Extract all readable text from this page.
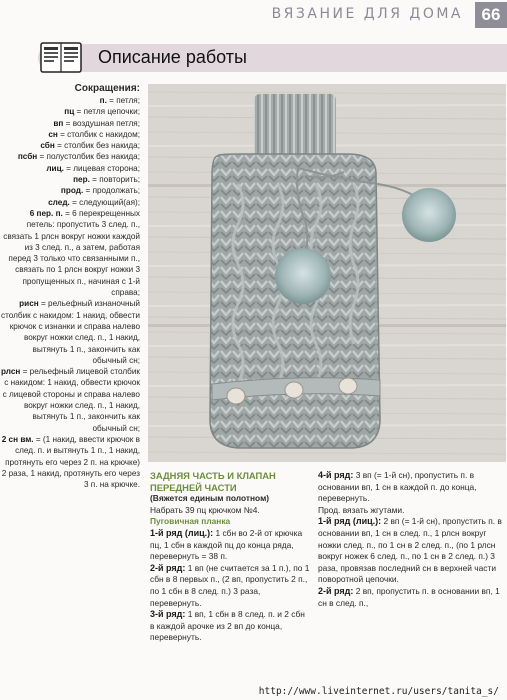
ВЯЗАНИЕ ДЛЯ ДОМА	66
Описание работы

Сокращения:

п. = петля;

пц = петля цепочки;

вп = воздушная петля;

сн = столбик с накидом;

сбн = столбик без накида;

псбн = полустолбик без накида;

лиц. = лицевая сторона;

пер. = повторить;

прод. = продолжать;

след. = следующий(ая);

6 пер. п. = 6 перекрещенных петель: пропустить 3 след. п., связать 1 рлсн вокруг ножки каждой из 3 след. п., а затем, работая перед 3 только что связанными п., связать по 1 рлсн вокруг ножки 3 пропущенных п., начиная с 1-й справа;

рисн = рельефный изнаночный столбик с накидом: 1 накид, обвести крючок с изнанки и справа налево вокруг ножки след. п., 1 накид, вытянуть 1 п., закончить как обычный сн;

рлсн = рельефный лицевой столбик с накидом: 1 накид, обвести крючок с лицевой стороны и справа налево вокруг ножки след. п., 1 накид, вытянуть 1 п., закончить как обычный сн;

2 сн вм. = (1 накид, ввести крючок в след. п. и вытянуть 1 п., 1 накид, протянуть его через 2 п. на крючке) 2 раза, 1 накид, протянуть его через 3 п. на крючке.

ЗАДНЯЯ ЧАСТЬ И КЛАПАН ПЕРЕДНЕЙ ЧАСТИ

(Вяжется единым полотном)

Набрать 39 пц крючком №4.

Пуговичная планка

1-й ряд (лиц.): 1 сбн во 2-й от крючка пц, 1 сбн в каждой пц до конца ряда, перевернуть = 38 п.

2-й ряд: 1 вп (не считается за 1 п.), по 1 сбн в 8 первых п., (2 вп, пропустить 2 п., по 1 сбн в 8 след. п.) 3 раза, перевернуть.

3-й ряд: 1 вп, 1 сбн в 8 след. п. и 2 сбн в каждой арочке из 2 вп до конца, перевернуть.

4-й ряд: 3 вп (= 1-й сн), пропустить п. в основании вп, 1 сн в каждой п. до конца, перевернуть.

Прод. вязать жгутами.

1-й ряд (лиц.): 2 вп (= 1-й сн), пропустить п. в основании вп, 1 сн в след. п., 1 рлсн вокруг ножки след. п., по 1 сн в 2 след. п., (по 1 рлсн вокруг ножек 6 след. п., по 1 сн в 2 след. п.) 3 раза, провязав последний сн в верхней части поворотной цепочки.

2-й ряд: 2 вп, пропустить п. в основании вп, 1 сн в след. п.,

http://www.liveinternet.ru/users/tanita_s/
